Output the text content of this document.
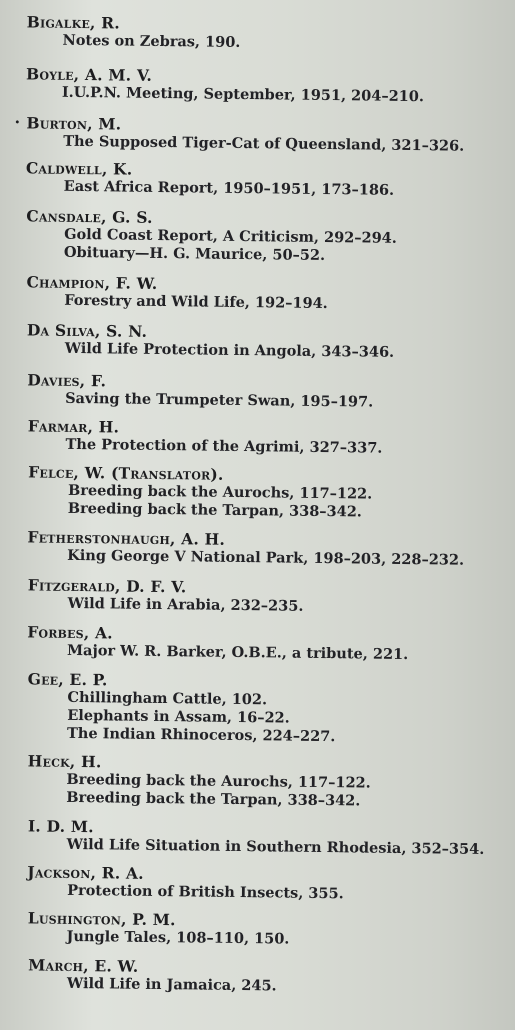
.
Bigalke, R.
Notes on Zebras, 190.
Boyle, A. M. V.
I.U.P.N. Meeting, September, 1951, 204–210.
Burton, M.
The Supposed Tiger-Cat of Queensland, 321–326.
Caldwell, K.
East Africa Report, 1950–1951, 173–186.
Cansdale, G. S.
Gold Coast Report, A Criticism, 292–294.
Obituary—H. G. Maurice, 50–52.
Champion, F. W.
Forestry and Wild Life, 192–194.
Da Silva, S. N.
Wild Life Protection in Angola, 343–346.
Davies, F.
Saving the Trumpeter Swan, 195–197.
Farmar, H.
The Protection of the Agrimi, 327–337.
Felce, W. (Translator).
Breeding back the Aurochs, 117–122.
Breeding back the Tarpan, 338–342.
Fetherstonhaugh, A. H.
King George V National Park, 198–203, 228–232.
Fitzgerald, D. F. V.
Wild Life in Arabia, 232–235.
Forbes, A.
Major W. R. Barker, O.B.E., a tribute, 221.
Gee, E. P.
Chillingham Cattle, 102.
Elephants in Assam, 16–22.
The Indian Rhinoceros, 224–227.
Heck, H.
Breeding back the Aurochs, 117–122.
Breeding back the Tarpan, 338–342.
I. D. M.
Wild Life Situation in Southern Rhodesia, 352–354.
Jackson, R. A.
Protection of British Insects, 355.
Lushington, P. M.
Jungle Tales, 108–110, 150.
March, E. W.
Wild Life in Jamaica, 245.
